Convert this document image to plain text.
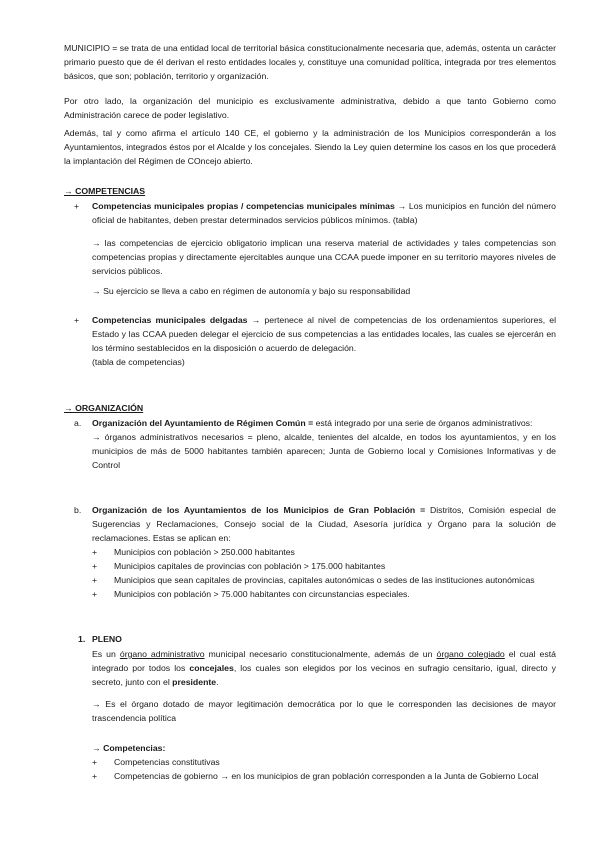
MUNICIPIO = se trata de una entidad local de territorial básica constitucionalmente necesaria que, además, ostenta un carácter primario puesto que de él derivan el resto entidades locales y, constituye una comunidad política, integrada por tres elementos básicos, que son; población, territorio y organización.

Por otro lado, la organización del municipio es exclusivamente administrativa, debido a que tanto Gobierno como Administración carece de poder legislativo.

Además, tal y como afirma el artículo 140 CE, el gobierno y la administración de los Municipios corresponderán a los Ayuntamientos, integrados éstos por el Alcalde y los concejales. Siendo la Ley quien determine los casos en los que procederá la implantación del Régimen de COncejo abierto.

→ COMPETENCIAS
+	Competencias municipales propias / competencias municipales mínimas → Los municipios en función del número oficial de habitantes, deben prestar determinados servicios públicos mínimos. (tabla)

→ las competencias de ejercicio obligatorio implican una reserva material de actividades y tales competencias son competencias propias y directamente ejercitables aunque una CCAA puede imponer en su territorio mayores niveles de servicios públicos.

→ Su ejercicio se lleva a cabo en régimen de autonomía y bajo su responsabilidad

+	Competencias municipales delgadas → pertenece al nivel de competencias de los ordenamientos superiores, el Estado y las CCAA pueden delegar el ejercicio de sus competencias a las entidades locales, las cuales se ejercerán en los término sestablecidos en la disposición o acuerdo de delegación.

(tabla de competencias)

→ ORGANIZACIÓN
a.	Organización del Ayuntamiento de Régimen Común = está integrado por una serie de órganos administrativos:

→ órganos administrativos necesarios = pleno, alcalde, tenientes del alcalde, en todos los ayuntamientos, y en los municipios de más de 5000 habitantes también aparecen; Junta de Gobierno local y Comisiones Informativas y de Control

b.	Organización de los Ayuntamientos de los Municipios de Gran Población = Distritos, Comisión especial de Sugerencias y Reclamaciones, Consejo social de la Ciudad, Asesoría jurídica y Órgano para la solución de reclamaciones. Estas se aplican en:

+	Municipios con población > 250.000 habitantes
+	Municipios capitales de provincias con población > 175.000 habitantes
+	Municipios que sean capitales de provincias, capitales autonómicas o sedes de las instituciones autonómicas
+	Municipios con población > 75.000 habitantes con circunstancias especiales.
1. PLENO

Es un órgano administrativo municipal necesario constitucionalmente, además de un órgano colegiado el cual está integrado por todos los concejales, los cuales son elegidos por los vecinos en sufragio censitario, igual, directo y secreto, junto con el presidente.

→ Es el órgano dotado de mayor legitimación democrática por lo que le corresponden las decisiones de mayor trascendencia política

→ Competencias:
+	Competencias constitutivas
+	Competencias de gobierno → en los municipios de gran población corresponden a la Junta de Gobierno Local
